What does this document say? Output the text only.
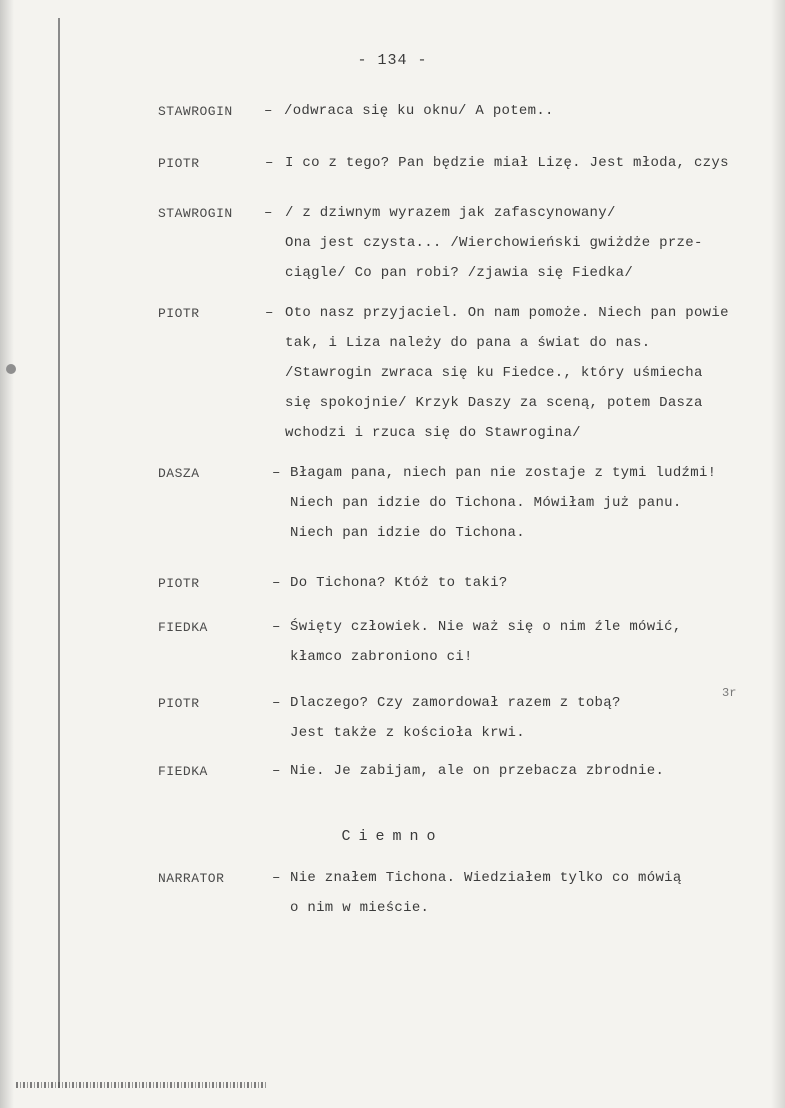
- 134 -
STAWROGIN – /odwraca się ku oknu/ A potem..
PIOTR	– I co z tego? Pan będzie miał Lizę. Jest młoda, czys
STAWROGIN – / z dziwnym wyrazem jak zafascynowany/
Ona jest czysta... /Wierchowieński gwiżdże prze-
ciągle/ Co pan robi? /zjawia się Fiedka/
PIOTR	– Oto nasz przyjaciel. On nam pomoże. Niech pan powie
tak, i Liza należy do pana a świat do nas.
/Stawrogin zwraca się ku Fiedce., który uśmiecha
się spokojnie/ Krzyk Daszy za sceną, potem Dasza
wchodzi i rzuca się do Stawrogina/
DASZA	– Błagam pana, niech pan nie zostaje z tymi ludźmi!
Niech pan idzie do Tichona. Mówiłam już panu.
Niech pan idzie do Tichona.
PIOTR	– Do Tichona? Któż to taki?
FIEDKA	– Święty człowiek. Nie waż się o nim źle mówić,
kłamco zabroniono ci!
PIOTR	– Dlaczego? Czy zamordował razem z tobą?
Jest także z kościoła krwi.
FIEDKA	– Nie. Je zabijam, ale on przebacza zbrodnie.
NARRATOR	– Nie znałem Tichona. Wiedziałem tylko co mówią
o nim w mieście.
Ciemno
3r
